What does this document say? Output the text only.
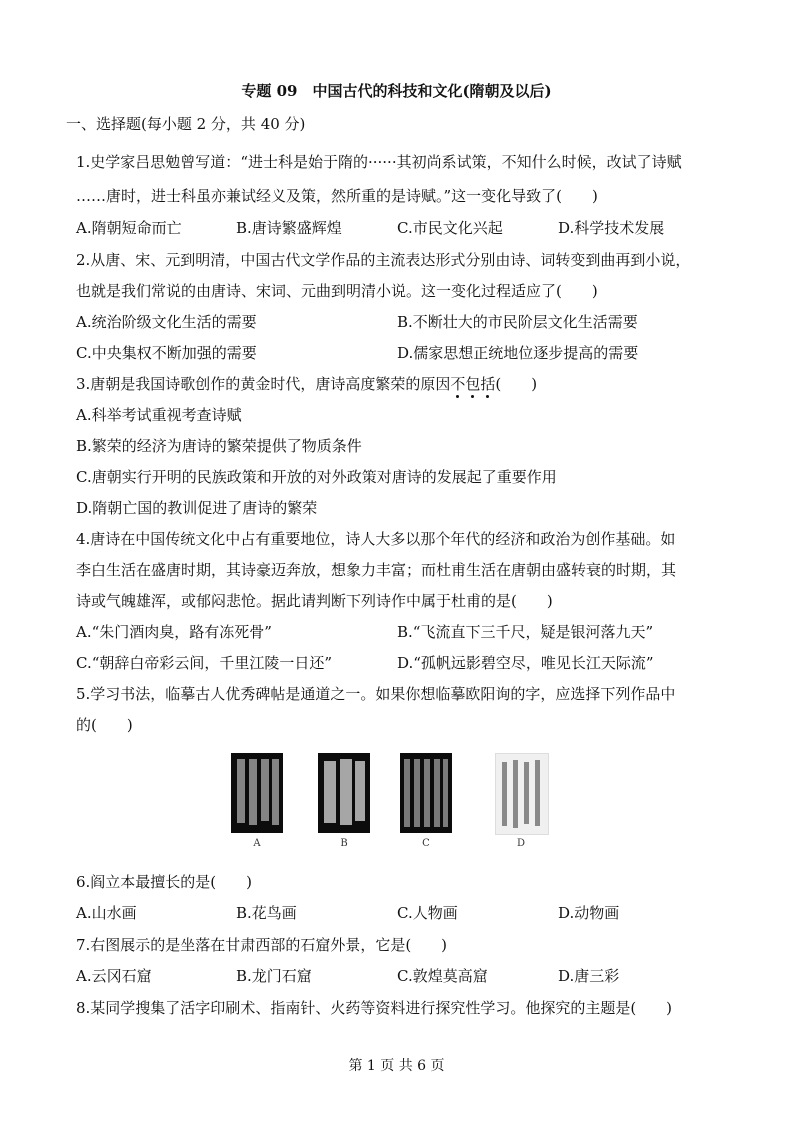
专题 09　中国古代的科技和文化(隋朝及以后)
一、选择题(每小题 2 分，共 40 分)
1.史学家吕思勉曾写道：“进士科是始于隋的······其初尚系试策，不知什么时候，改试了诗赋
……唐时，进士科虽亦兼试经义及策，然所重的是诗赋。”这一变化导致了(　　)
A.隋朝短命而亡	B.唐诗繁盛辉煌	C.市民文化兴起	D.科学技术发展
2.从唐、宋、元到明清，中国古代文学作品的主流表达形式分别由诗、词转变到曲再到小说，
也就是我们常说的由唐诗、宋词、元曲到明清小说。这一变化过程适应了(　　)
A.统治阶级文化生活的需要	B.不断壮大的市民阶层文化生活需要
C.中央集权不断加强的需要	D.儒家思想正统地位逐步提高的需要
3.唐朝是我国诗歌创作的黄金时代，唐诗高度繁荣的原因不包括(　　)
A.科举考试重视考查诗赋
B.繁荣的经济为唐诗的繁荣提供了物质条件
C.唐朝实行开明的民族政策和开放的对外政策对唐诗的发展起了重要作用
D.隋朝亡国的教训促进了唐诗的繁荣
4.唐诗在中国传统文化中占有重要地位，诗人大多以那个年代的经济和政治为创作基础。如
李白生活在盛唐时期，其诗豪迈奔放，想象力丰富；而杜甫生活在唐朝由盛转衰的时期，其
诗或气魄雄浑，或郁闷悲怆。据此请判断下列诗作中属于杜甫的是(　　)
A.“朱门酒肉臭，路有冻死骨”	B.“飞流直下三千尺，疑是银河落九天”
C.“朝辞白帝彩云间，千里江陵一日还”	D.“孤帆远影碧空尽，唯见长江天际流”
5.学习书法，临摹古人优秀碑帖是通道之一。如果你想临摹欧阳询的字，应选择下列作品中
的(　　)
A	B	C	D
6.阎立本最擅长的是(　　)
A.山水画	B.花鸟画	C.人物画	D.动物画
7.右图展示的是坐落在甘肃西部的石窟外景，它是(　　)
A.云冈石窟	B.龙门石窟	C.敦煌莫高窟	D.唐三彩
8.某同学搜集了活字印刷术、指南针、火药等资料进行探究性学习。他探究的主题是(　　)
第 1 页 共 6 页
